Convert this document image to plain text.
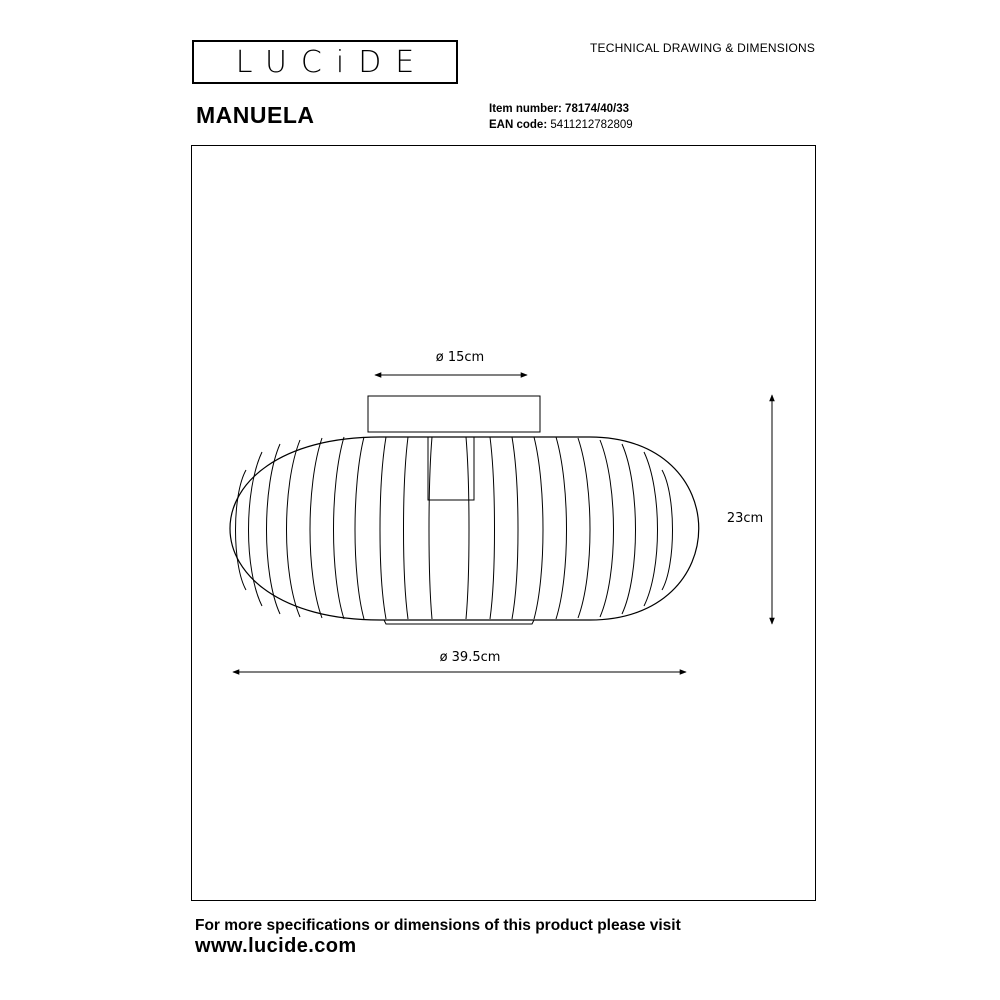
LUCiDE	TECHNICAL DRAWING & DIMENSIONS
MANUELA	Item number: 78174/40/33
EAN code: 5411212782809
ø 15cm
23cm
ø 39.5cm
For more specifications or dimensions of this product please visit
www.lucide.com
